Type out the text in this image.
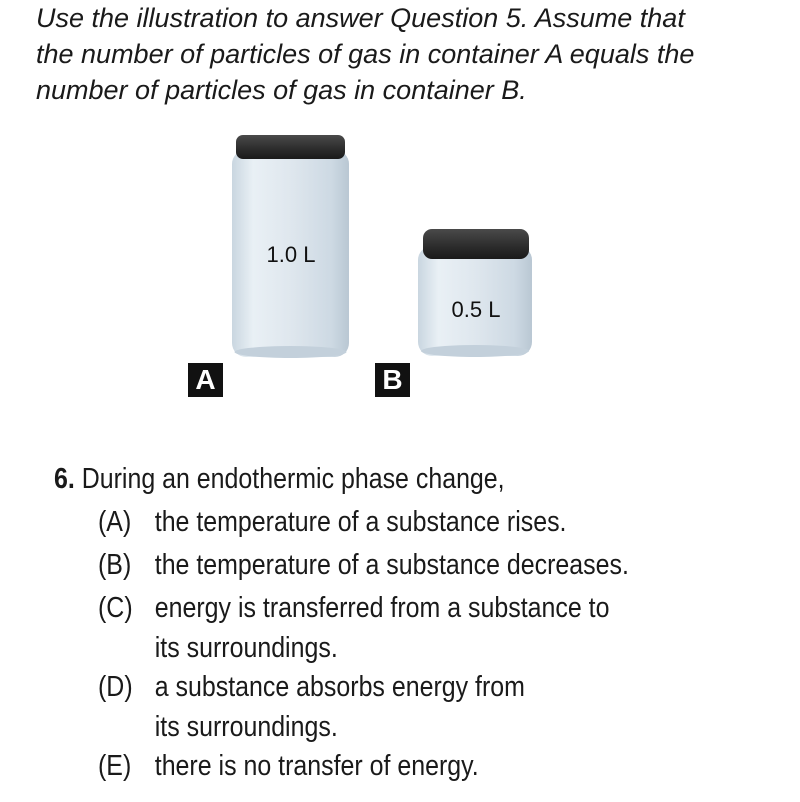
Use the illustration to answer Question 5. Assume that
the number of particles of gas in container A equals the
number of particles of gas in container B.
1.0 L
0.5 L
A	B
6. During an endothermic phase change,
(A) the temperature of a substance rises.
(B) the temperature of a substance decreases.
(C) energy is transferred from a substance to
its surroundings.
(D) a substance absorbs energy from
its surroundings.
(E) there is no transfer of energy.
